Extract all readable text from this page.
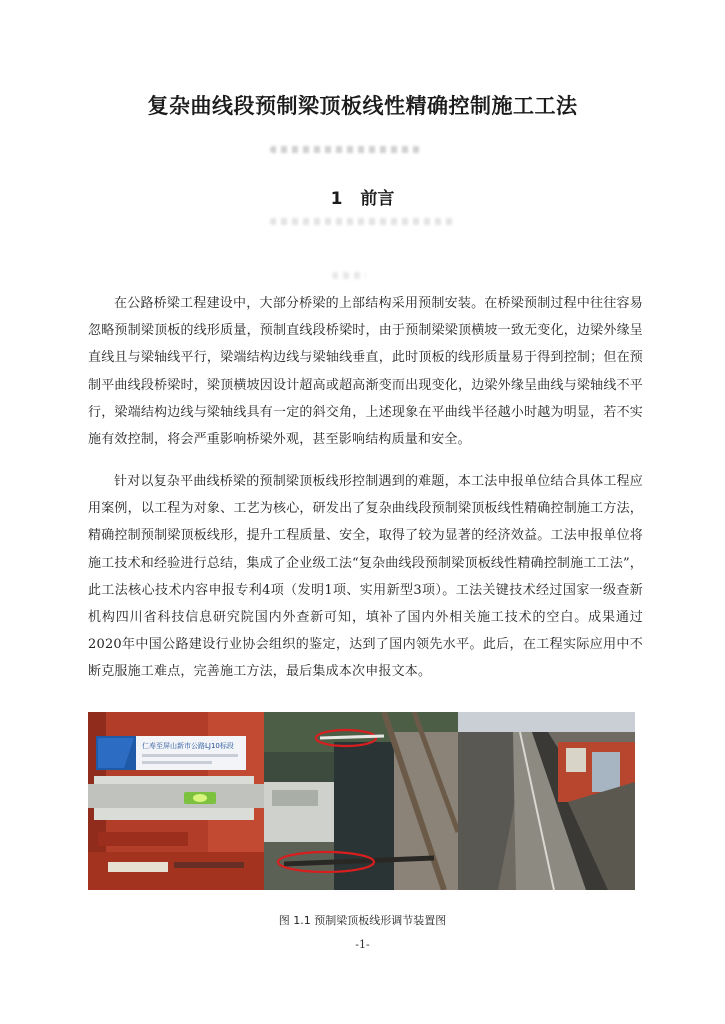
复杂曲线段预制梁顶板线性精确控制施工工法
1 前言

在公路桥梁工程建设中，大部分桥梁的上部结构采用预制安装。在桥梁预制过程中往往容易忽略预制梁顶板的线形质量，预制直线段桥梁时，由于预制梁梁顶横坡一致无变化，边梁外缘呈直线且与梁轴线平行，梁端结构边线与梁轴线垂直，此时顶板的线形质量易于得到控制；但在预制平曲线段桥梁时，梁顶横坡因设计超高或超高渐变而出现变化，边梁外缘呈曲线与梁轴线不平行，梁端结构边线与梁轴线具有一定的斜交角，上述现象在平曲线半径越小时越为明显，若不实施有效控制，将会严重影响桥梁外观，甚至影响结构质量和安全。

针对以复杂平曲线桥梁的预制梁顶板线形控制遇到的难题，本工法申报单位结合具体工程应用案例，以工程为对象、工艺为核心，研发出了复杂曲线段预制梁顶板线性精确控制施工方法，精确控制预制梁顶板线形，提升工程质量、安全，取得了较为显著的经济效益。工法申报单位将施工技术和经验进行总结，集成了企业级工法“复杂曲线段预制梁顶板线性精确控制施工工法”，此工法核心技术内容申报专利4项（发明1项、实用新型3项）。工法关键技术经过国家一级查新机构四川省科技信息研究院国内外查新可知，填补了国内外相关施工技术的空白。成果通过2020年中国公路建设行业协会组织的鉴定，达到了国内领先水平。此后，在工程实际应用中不断克服施工难点，完善施工方法，最后集成本次申报文本。

仁寿至屏山新市公路LJ10标段
图 1.1 预制梁顶板线形调节装置图
-1-
